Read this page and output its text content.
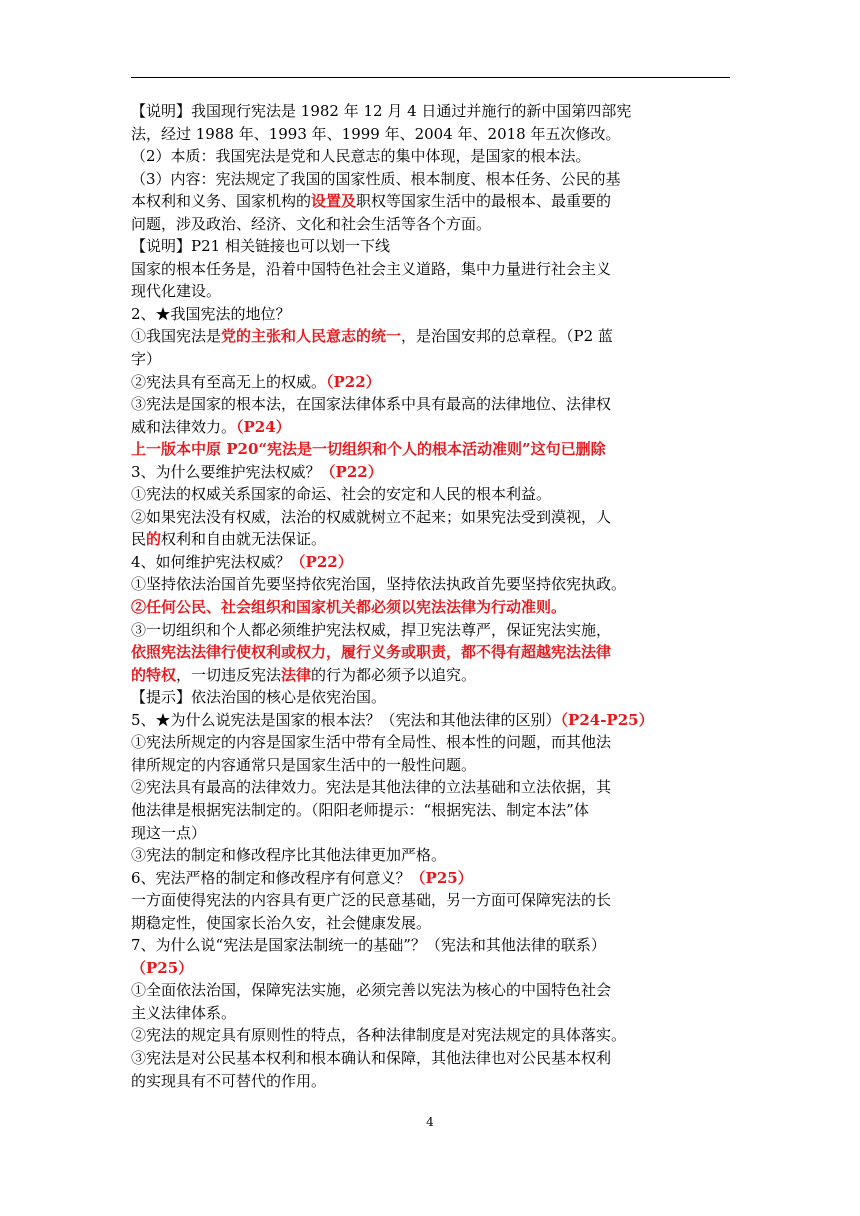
【说明】我国现行宪法是 1982 年 12 月 4 日通过并施行的新中国第四部宪
法，经过 1988 年、1993 年、1999 年、2004 年、2018 年五次修改。
（2）本质：我国宪法是党和人民意志的集中体现，是国家的根本法。
（3）内容：宪法规定了我国的国家性质、根本制度、根本任务、公民的基
本权利和义务、国家机构的设置及职权等国家生活中的最根本、最重要的
问题，涉及政治、经济、文化和社会生活等各个方面。
【说明】P21 相关链接也可以划一下线
国家的根本任务是，沿着中国特色社会主义道路，集中力量进行社会主义
现代化建设。
2、★我国宪法的地位？
①我国宪法是党的主张和人民意志的统一，是治国安邦的总章程。（P2 蓝
字）
②宪法具有至高无上的权威。（P22）
③宪法是国家的根本法，在国家法律体系中具有最高的法律地位、法律权
威和法律效力。（P24）
上一版本中原 P20“宪法是一切组织和个人的根本活动准则”这句已删除
3、为什么要维护宪法权威？（P22）
①宪法的权威关系国家的命运、社会的安定和人民的根本利益。
②如果宪法没有权威，法治的权威就树立不起来；如果宪法受到漠视，人
民的权利和自由就无法保证。
4、如何维护宪法权威？（P22）
①坚持依法治国首先要坚持依宪治国，坚持依法执政首先要坚持依宪执政。
②任何公民、社会组织和国家机关都必须以宪法法律为行动准则。
③一切组织和个人都必须维护宪法权威，捍卫宪法尊严，保证宪法实施，
依照宪法法律行使权利或权力，履行义务或职责，都不得有超越宪法法律
的特权，一切违反宪法法律的行为都必须予以追究。
【提示】依法治国的核心是依宪治国。
5、★为什么说宪法是国家的根本法？（宪法和其他法律的区别）（P24-P25）
①宪法所规定的内容是国家生活中带有全局性、根本性的问题，而其他法
律所规定的内容通常只是国家生活中的一般性问题。
②宪法具有最高的法律效力。宪法是其他法律的立法基础和立法依据，其
他法律是根据宪法制定的。（阳阳老师提示：“根据宪法、制定本法”体
现这一点）
③宪法的制定和修改程序比其他法律更加严格。
6、宪法严格的制定和修改程序有何意义？（P25）
一方面使得宪法的内容具有更广泛的民意基础，另一方面可保障宪法的长
期稳定性，使国家长治久安，社会健康发展。
7、为什么说“宪法是国家法制统一的基础”？（宪法和其他法律的联系）
（P25）
①全面依法治国，保障宪法实施，必须完善以宪法为核心的中国特色社会
主义法律体系。
②宪法的规定具有原则性的特点，各种法律制度是对宪法规定的具体落实。
③宪法是对公民基本权利和根本确认和保障，其他法律也对公民基本权利
的实现具有不可替代的作用。
4
